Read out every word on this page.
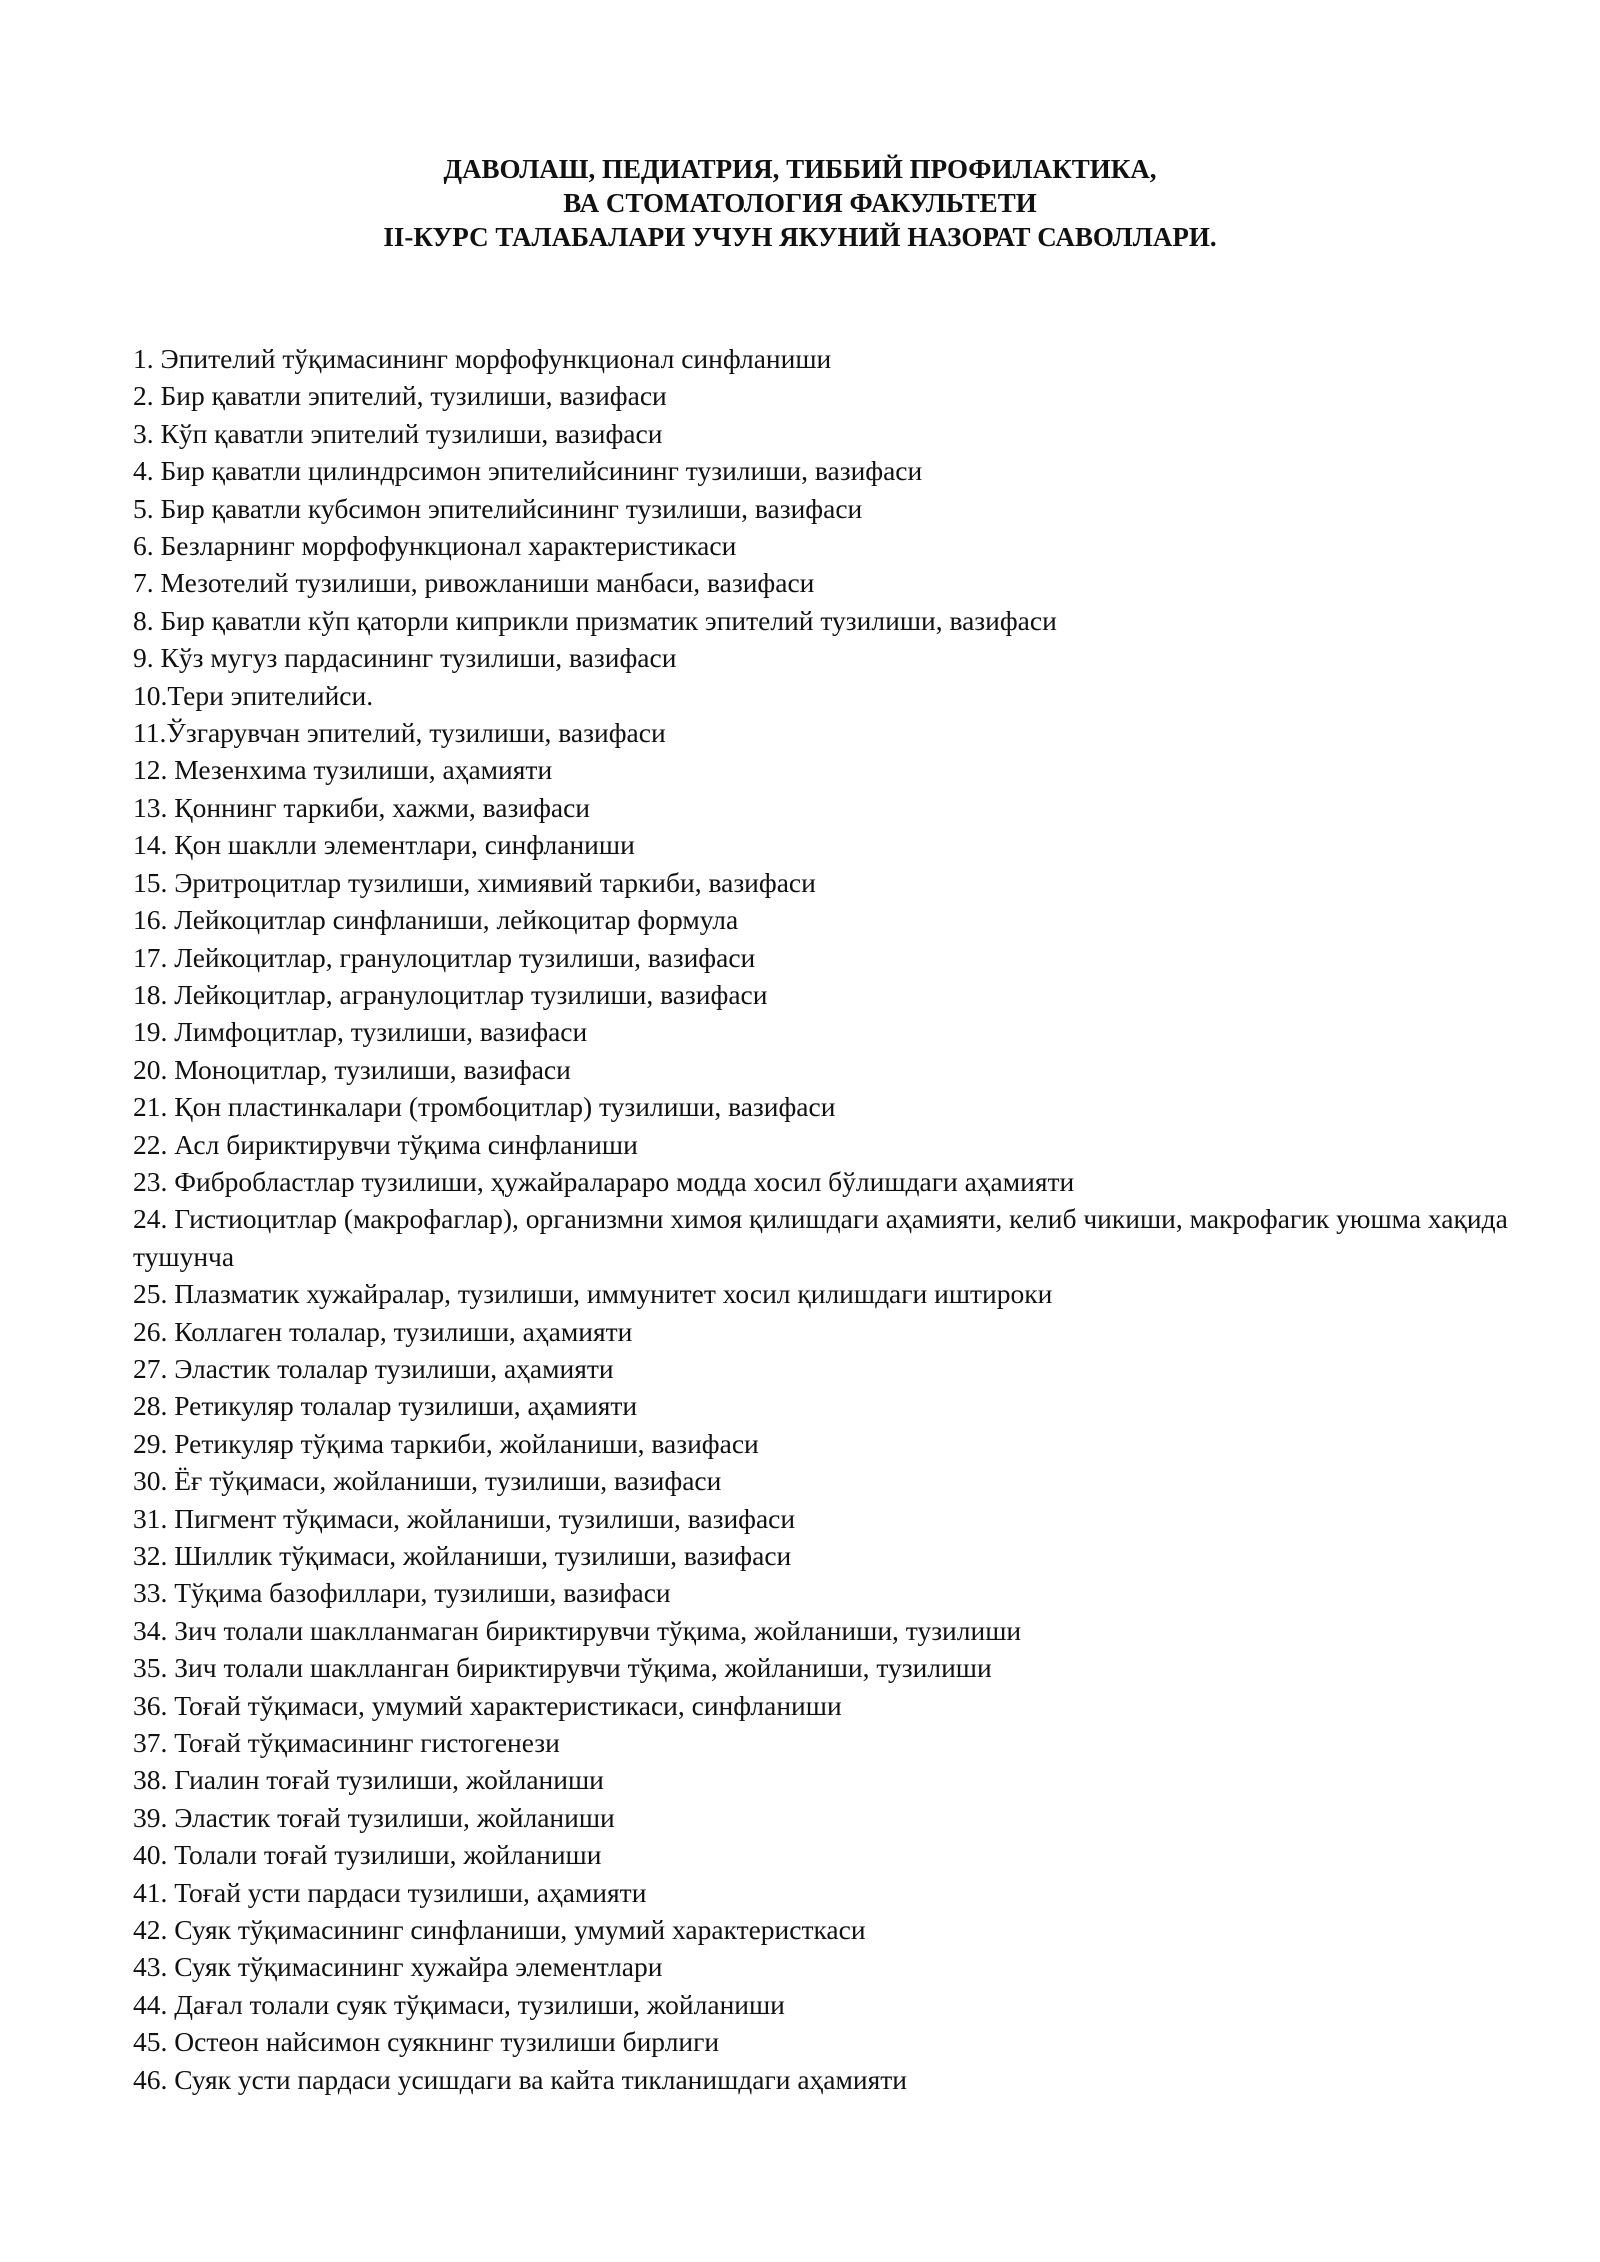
ДАВОЛАШ, ПЕДИАТРИЯ, ТИББИЙ ПРОФИЛАКТИКА,
ВА СТОМАТОЛОГИЯ ФАКУЛЬТЕТИ
II-КУРС ТАЛАБАЛАРИ УЧУН ЯКУНИЙ НАЗОРАТ САВОЛЛАРИ.
1. Эпителий тўқимасининг морфофункционал синфланиши
2. Бир қаватли эпителий, тузилиши, вазифаси
3. Кўп қаватли эпителий тузилиши, вазифаси
4. Бир қаватли цилиндрсимон эпителийсининг тузилиши, вазифаси
5. Бир қаватли кубсимон эпителийсининг тузилиши, вазифаси
6. Безларнинг морфофункционал характеристикаси
7. Мезотелий тузилиши, ривожланиши манбаси, вазифаси
8. Бир қаватли кўп қаторли киприкли призматик эпителий тузилиши, вазифаси
9. Кўз мугуз пардасининг тузилиши, вазифаси
10.Тери эпителийси.
11.Ўзгарувчан эпителий, тузилиши, вазифаси
12. Мезенхима тузилиши, аҳамияти
13. Қоннинг таркиби, хажми, вазифаси
14. Қон шаклли элементлари, синфланиши
15. Эритроцитлар тузилиши, химиявий таркиби, вазифаси
16. Лейкоцитлар синфланиши, лейкоцитар формула
17. Лейкоцитлар, гранулоцитлар тузилиши, вазифаси
18. Лейкоцитлар, агранулоцитлар тузилиши, вазифаси
19. Лимфоцитлар, тузилиши, вазифаси
20. Моноцитлар, тузилиши, вазифаси
21. Қон пластинкалари (тромбоцитлар) тузилиши, вазифаси
22. Асл бириктирувчи тўқима синфланиши
23. Фибробластлар тузилиши, ҳужайралараро модда хосил бўлишдаги аҳамияти
24. Гистиоцитлар (макрофаглар), организмни химоя қилишдаги аҳамияти, келиб чикиши, макрофагик уюшма хақида тушунча
25. Плазматик хужайралар, тузилиши, иммунитет хосил қилишдаги иштироки
26. Коллаген толалар, тузилиши, аҳамияти
27. Эластик толалар тузилиши, аҳамияти
28. Ретикуляр толалар тузилиши, аҳамияти
29. Ретикуляр тўқима таркиби, жойланиши, вазифаси
30. Ёғ тўқимаси, жойланиши, тузилиши, вазифаси
31. Пигмент тўқимаси, жойланиши, тузилиши, вазифаси
32. Шиллик тўқимаси, жойланиши, тузилиши, вазифаси
33. Тўқима базофиллари, тузилиши, вазифаси
34. Зич толали шаклланмаган бириктирувчи тўқима, жойланиши, тузилиши
35. Зич толали шаклланган бириктирувчи тўқима, жойланиши, тузилиши
36. Тоғай тўқимаси, умумий характеристикаси, синфланиши
37. Тоғай тўқимасининг гистогенези
38. Гиалин тоғай тузилиши, жойланиши
39. Эластик тоғай тузилиши, жойланиши
40. Толали тоғай тузилиши, жойланиши
41. Тоғай усти пардаси тузилиши, аҳамияти
42. Суяк тўқимасининг синфланиши, умумий характеристкаси
43. Суяк тўқимасининг хужайра элементлари
44. Дағал толали суяк тўқимаси, тузилиши, жойланиши
45. Остеон найсимон суякнинг тузилиши бирлиги
46. Суяк усти пардаси усишдаги ва кайта тикланишдаги аҳамияти
